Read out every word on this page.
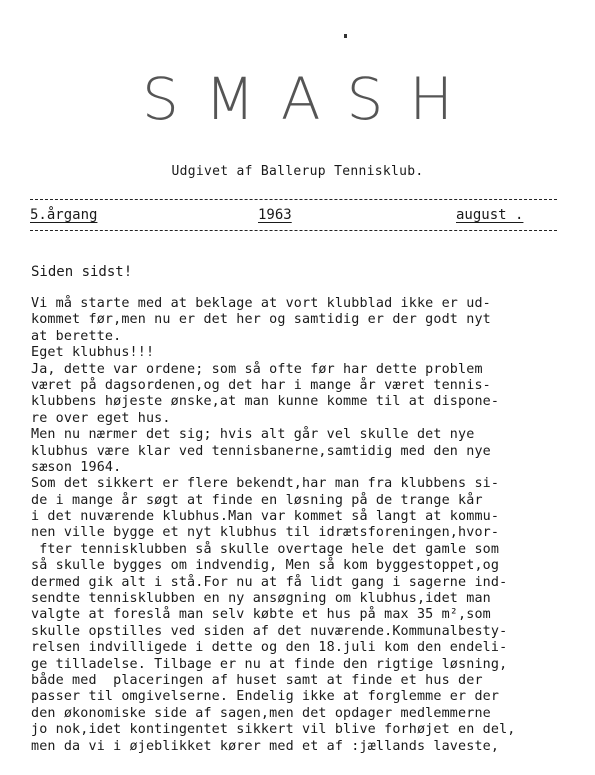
SMASH
Udgivet af Ballerup Tennisklub.
5.årgang	1963	august .
Siden sidst!
Vi må starte med at beklage at vort klubblad ikke er ud-
kommet før,men nu er det her og samtidig er der godt nyt
at berette.
Eget klubhus!!!
Ja, dette var ordene; som så ofte før har dette problem
været på dagsordenen,og det har i mange år været tennis-
klubbens højeste ønske,at man kunne komme til at dispone-
re over eget hus.
Men nu nærmer det sig; hvis alt går vel skulle det nye
klubhus være klar ved tennisbanerne,samtidig med den nye
sæson 1964.
Som det sikkert er flere bekendt,har man fra klubbens si-
de i mange år søgt at finde en løsning på de trange kår
i det nuværende klubhus.Man var kommet så langt at kommu-
nen ville bygge et nyt klubhus til idrætsforeningen,hvor-
fter tennisklubben så skulle overtage hele det gamle som
så skulle bygges om indvendig, Men så kom byggestoppet,og
dermed gik alt i stå.For nu at få lidt gang i sagerne ind-
sendte tennisklubben en ny ansøgning om klubhus,idet man
valgte at foreslå man selv købte et hus på max 35 m²,som
skulle opstilles ved siden af det nuværende.Kommunalbesty-
relsen indvilligede i dette og den 18.juli kom den endeli-
ge tilladelse. Tilbage er nu at finde den rigtige løsning,
både med  placeringen af huset samt at finde et hus der
passer til omgivelserne. Endelig ikke at forglemme er der
den økonomiske side af sagen,men det opdager medlemmerne
jo nok,idet kontingentet sikkert vil blive forhøjet en del,
men da vi i øjeblikket kører med et af :jællands laveste,
